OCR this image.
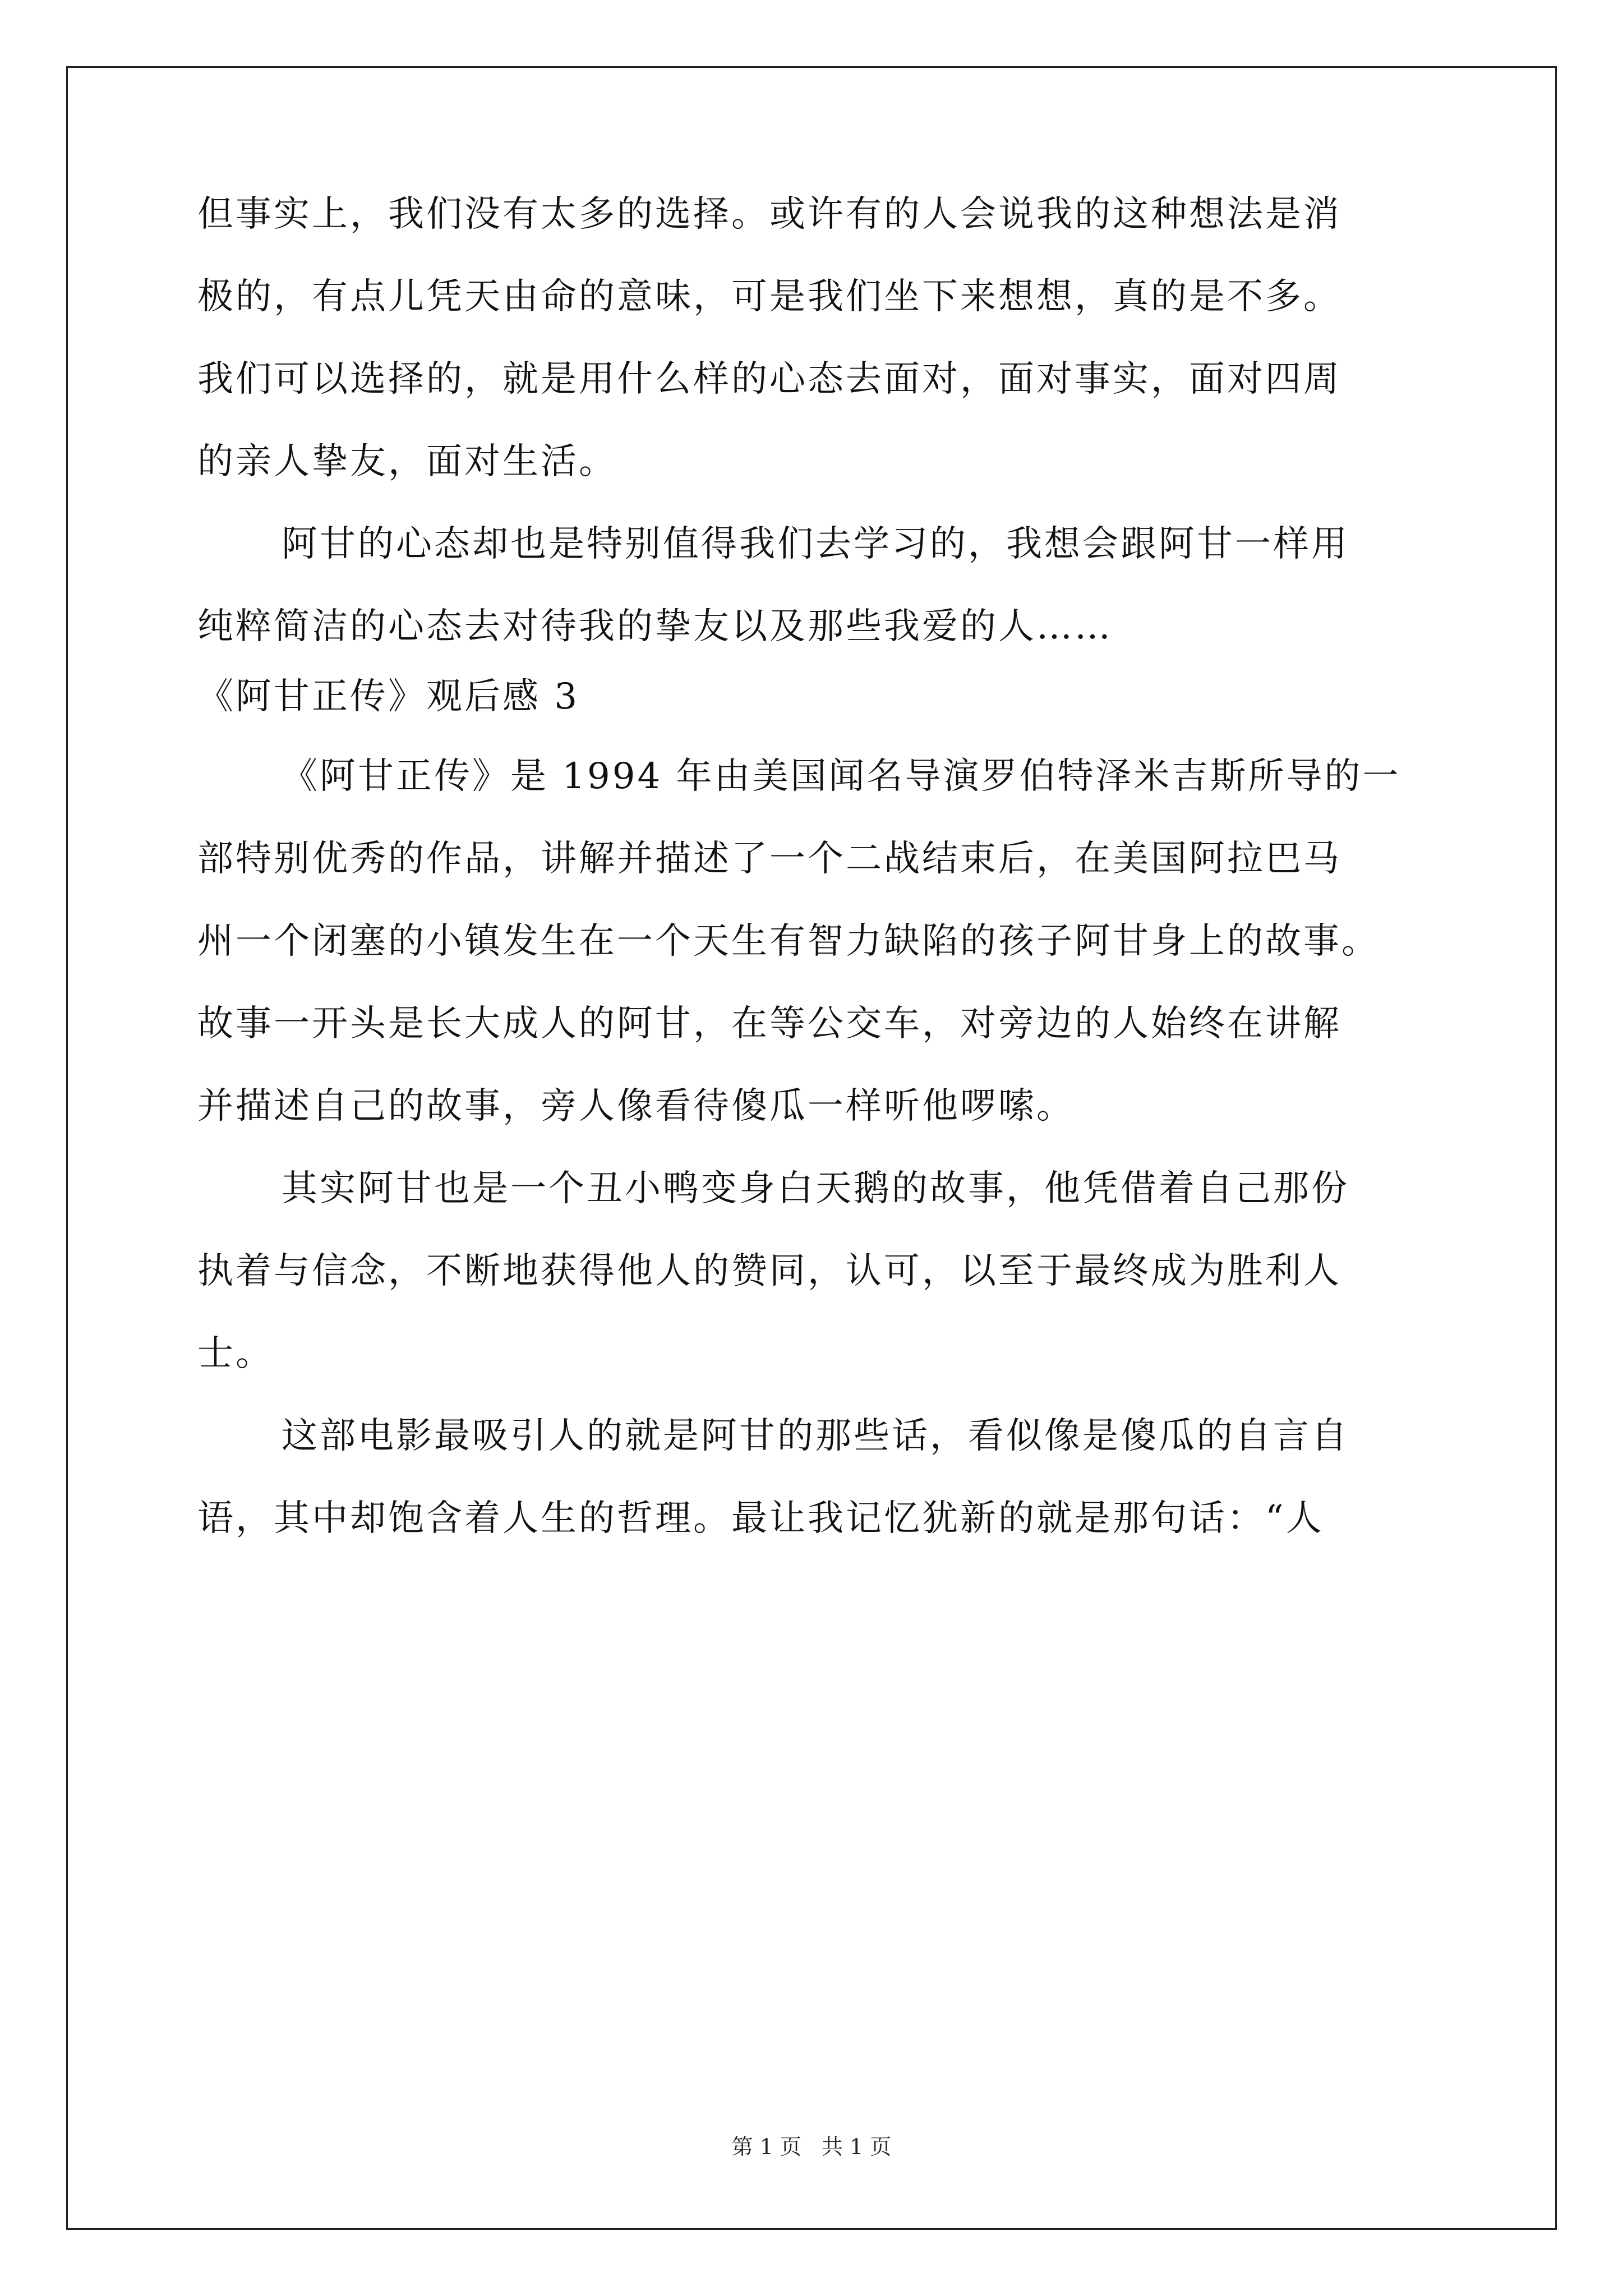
但事实上，我们没有太多的选择。或许有的人会说我的这种想法是消
极的，有点儿凭天由命的意味，可是我们坐下来想想，真的是不多。
我们可以选择的，就是用什么样的心态去面对，面对事实，面对四周
的亲人挚友，面对生活。
阿甘的心态却也是特别值得我们去学习的，我想会跟阿甘一样用
纯粹简洁的心态去对待我的挚友以及那些我爱的人……
《阿甘正传》观后感 3
《阿甘正传》是 1994 年由美国闻名导演罗伯特泽米吉斯所导的一
部特别优秀的作品，讲解并描述了一个二战结束后，在美国阿拉巴马
州一个闭塞的小镇发生在一个天生有智力缺陷的孩子阿甘身上的故事。
故事一开头是长大成人的阿甘，在等公交车，对旁边的人始终在讲解
并描述自己的故事，旁人像看待傻瓜一样听他啰嗦。
其实阿甘也是一个丑小鸭变身白天鹅的故事，他凭借着自己那份
执着与信念，不断地获得他人的赞同，认可，以至于最终成为胜利人
士。
这部电影最吸引人的就是阿甘的那些话，看似像是傻瓜的自言自
语，其中却饱含着人生的哲理。最让我记忆犹新的就是那句话：“人
第 1 页 共 1 页
